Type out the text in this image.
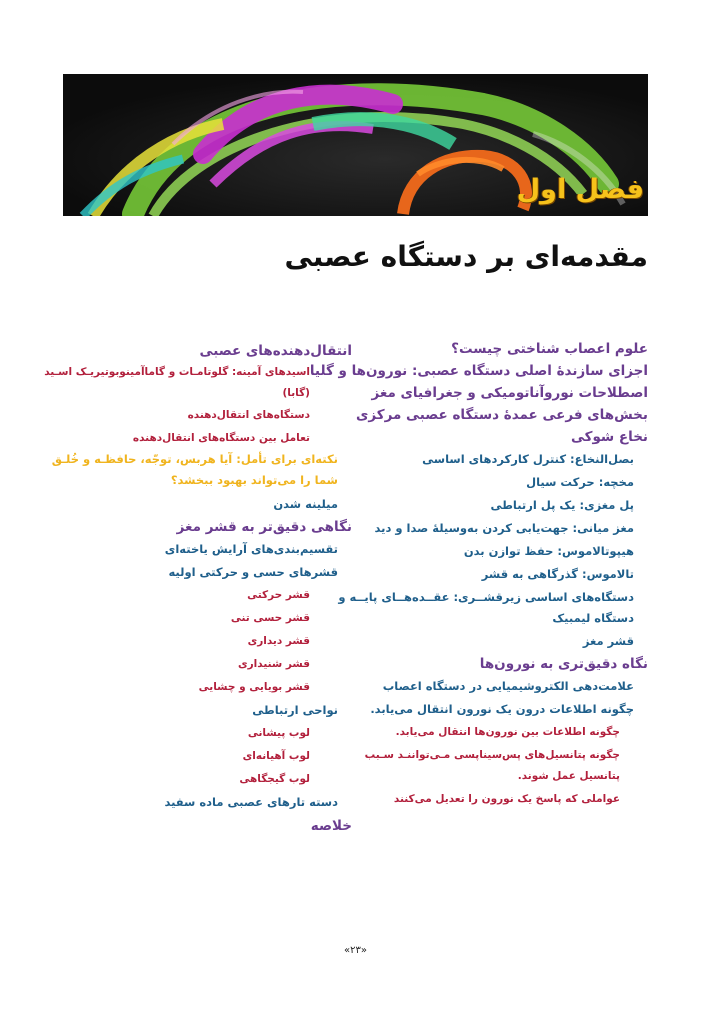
فصل اول
مقدمه‌ای بر دستگاه عصبی
علوم اعصاب شناختی چیست؟
اجزای سازندهٔ اصلی دستگاه عصبی: نورون‌ها و گلیا
اصطلاحات نوروآناتومیکی و جغرافیای مغز
بخش‌های فرعی عمدهٔ دستگاه عصبی مرکزی
نخاع شوکی
بصل‌النخاع: کنترل کارکردهای اساسی
مخچه: حرکت سیال
پل مغزی: یک پل ارتباطی
مغز میانی: جهت‌یابی کردن به‌وسیلهٔ صدا و دید
هیپوتالاموس: حفظ توازن بدن
تالاموس: گذرگاهی به قشر
دستگاه‌های اساسی زیرقشــری: عقــده‌هــای پایــه و
دستگاه لیمبیک
قشر مغز
نگاه دقیق‌تری به نورون‌ها
علامت‌دهی الکتروشیمیایی در دستگاه اعصاب
چگونه اطلاعات درون یک نورون انتقال می‌یابد.
چگونه اطلاعات بین نورون‌ها انتقال می‌یابد.
چگونه پتانسیل‌های پس‌سیناپسی مـی‌تواننـد سـبب
پتانسیل عمل شوند.
عواملی که پاسخ یک نورون را تعدیل می‌کنند
انتقال‌دهنده‌های عصبی
اسیدهای آمینه: گلوتامـات و گاماآمینوبوتیریـک اسـید
(گابا)
دستگاه‌های انتقال‌دهنده
تعامل بین دستگاه‌های انتقال‌دهنده
نکته‌ای برای تأمل: آیا هربس، توجّه، حافظـه و خُلـق
شما را می‌تواند بهبود ببخشد؟
میلینه شدن
نگاهی دقیق‌تر به قشر مغز
تقسیم‌بندی‌های آرایش یاخته‌ای
قشرهای حسی و حرکتی اولیه
قشر حرکتی
قشر حسی تنی
قشر دیداری
قشر شنیداری
قشر بویایی و چشایی
نواحی ارتباطی
لوب پیشانی
لوب آهیانه‌ای
لوب گیجگاهی
دسته تارهای عصبی ماده سفید
خلاصه
«۲۳»
